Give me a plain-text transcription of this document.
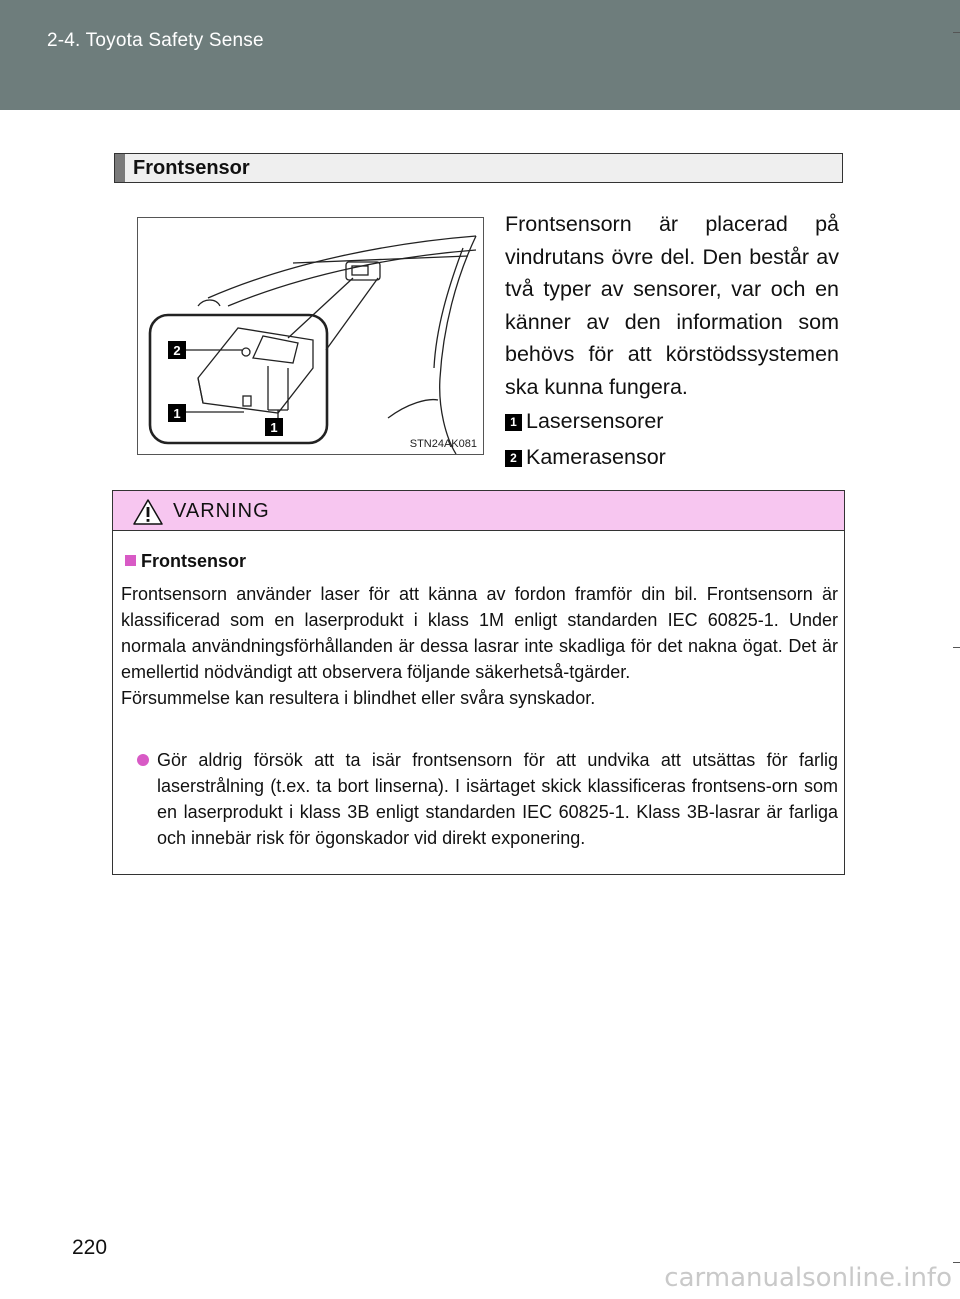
2-4. Toyota Safety Sense
Frontsensor
2
1
1
STN24AK081
Frontsensorn är placerad på vindrutans övre del. Den består av två typer av sensorer, var och en känner av den information som behövs för att körstödssystemen ska kunna fungera.
1 Lasersensorer
2 Kamerasensor
VARNING
Frontsensor
Frontsensorn använder laser för att känna av fordon framför din bil. Frontsensorn är klassificerad som en laserprodukt i klass 1M enligt standarden IEC 60825-1. Under normala användningsförhållanden är dessa lasrar inte skadliga för det nakna ögat. Det är emellertid nödvändigt att observera följande säkerhetså-tgärder.
Försummelse kan resultera i blindhet eller svåra synskador.
Gör aldrig försök att ta isär frontsensorn för att undvika att utsättas för farlig laserstrålning (t.ex. ta bort linserna). I isärtaget skick klassificeras frontsens-orn som en laserprodukt i klass 3B enligt standarden IEC 60825-1. Klass 3B-lasrar är farliga och innebär risk för ögonskador vid direkt exponering.
220
carmanualsonline.info
